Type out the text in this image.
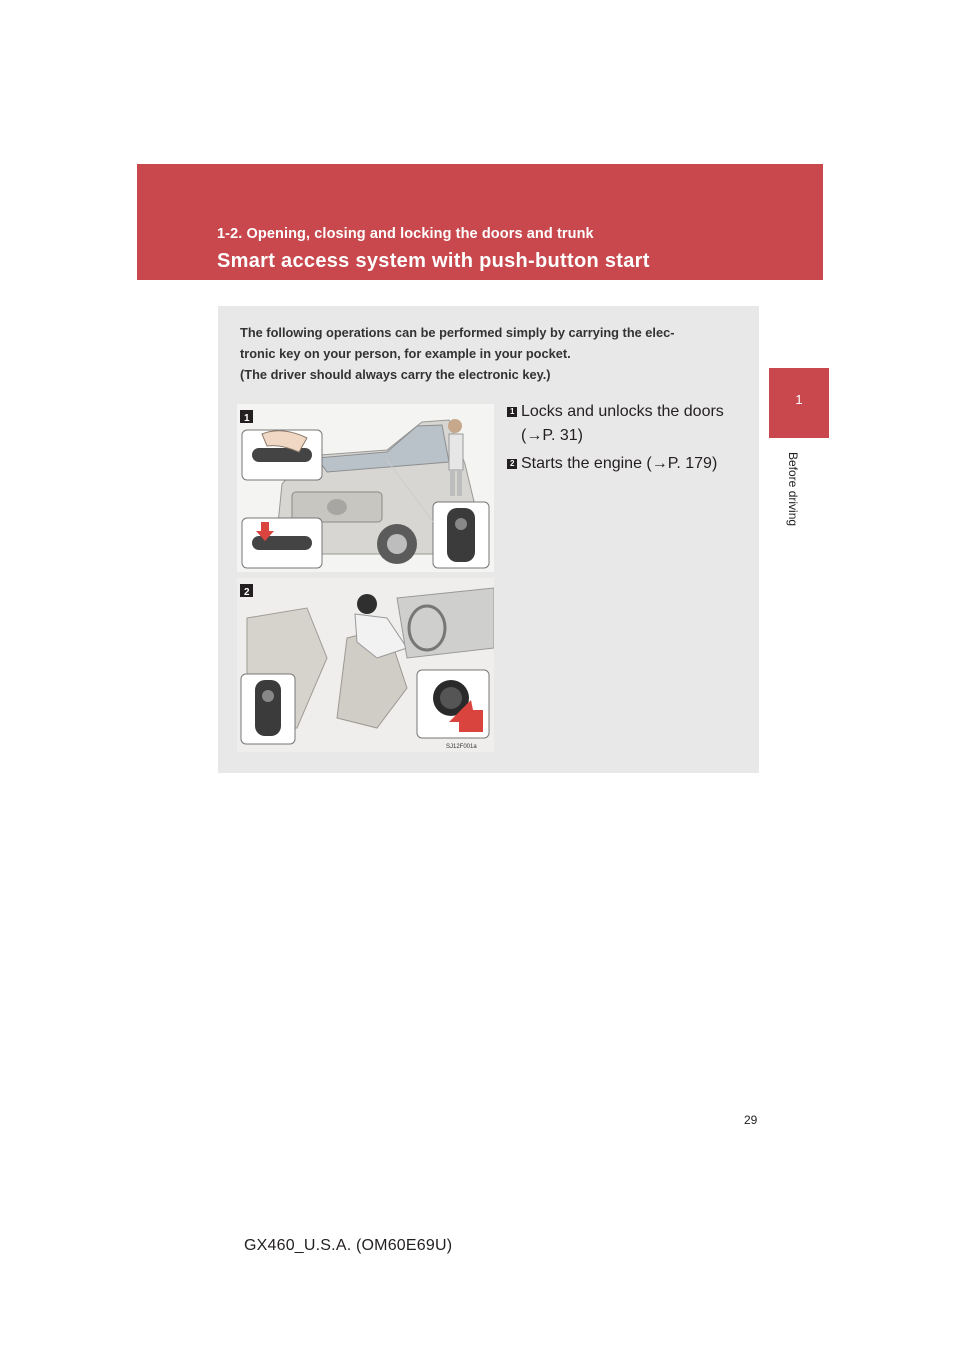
1-2. Opening, closing and locking the doors and trunk
Smart access system with push-button start
1
Before driving

The following operations can be performed simply by carrying the elec-

tronic key on your person, for example in your pocket.

(The driver should always carry the electronic key.)

1
2
SJ12F001a
1 Locks and unlocks the doors
(→P. 31)
2 Starts the engine (→P. 179)
29
GX460_U.S.A. (OM60E69U)
